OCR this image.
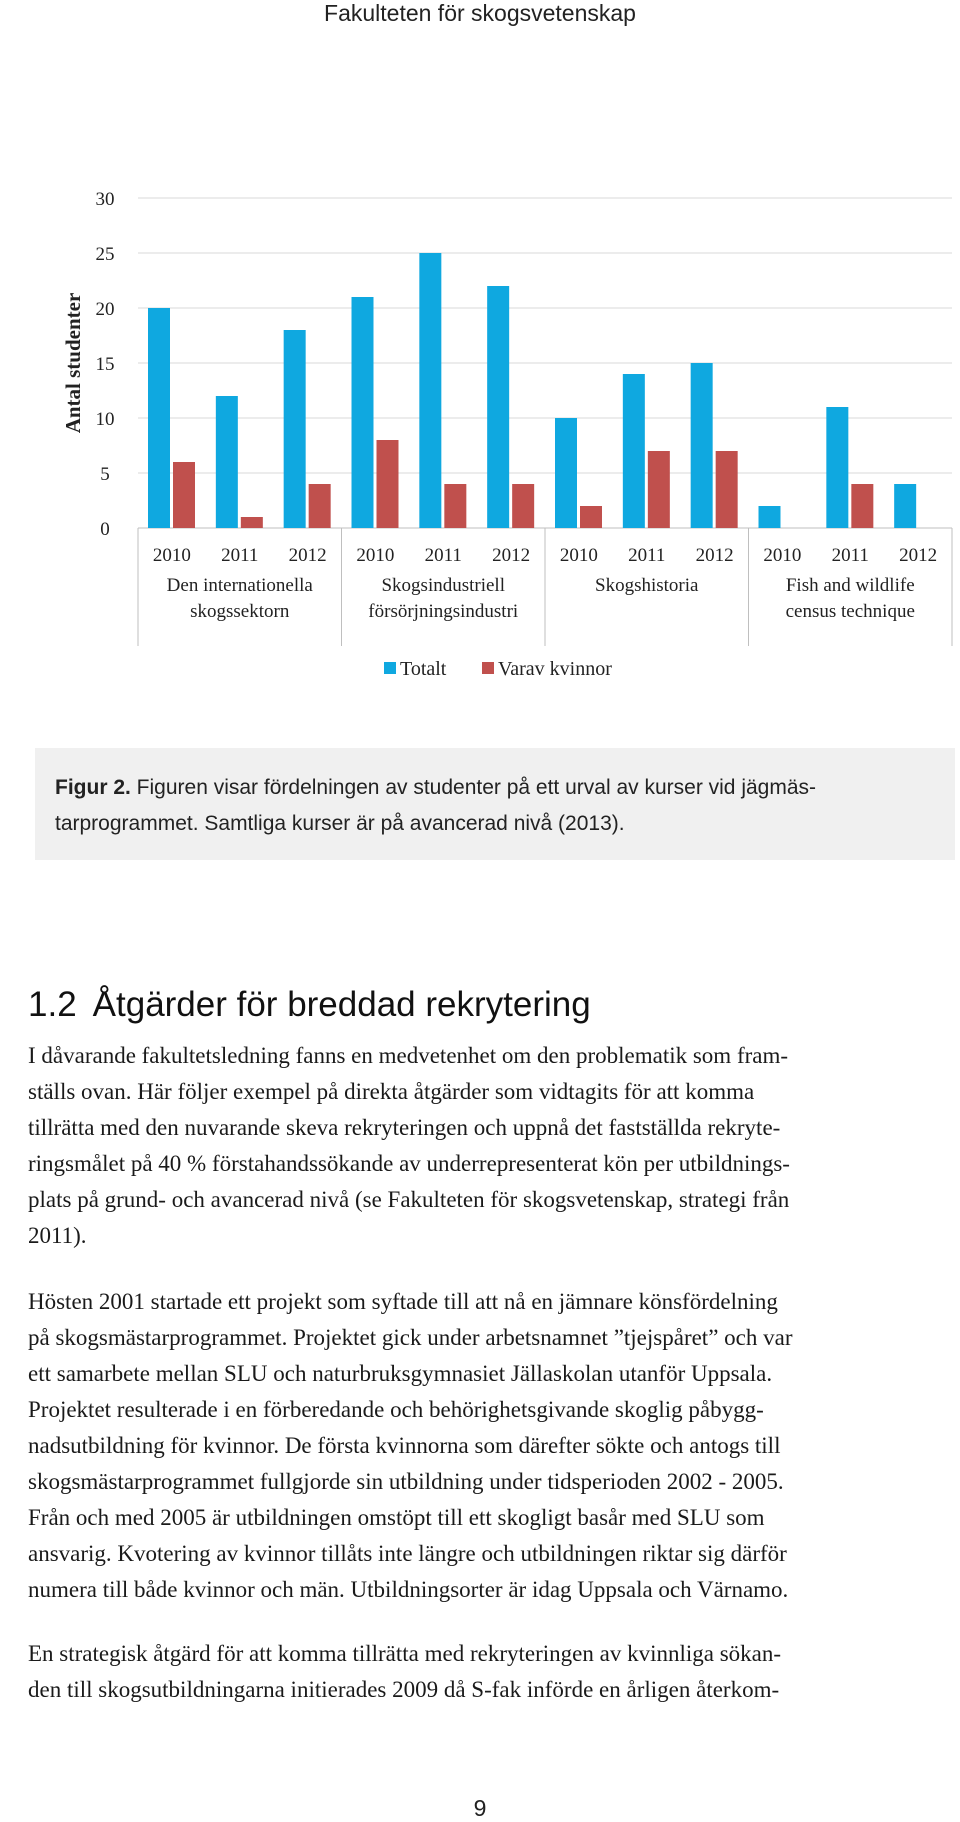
Fakulteten för skogsvetenskap
0
5
10
15
20
25
30
Antal studenter
2010 2011 2012 2010 2011 2012 2010 2011 2012 2010 2011 2012
Den internationella
skogssektorn
Skogsindustriell
försörjningsindustri
Skogshistoria	Fish and wildlife
census technique
Totalt	Varav kvinnor
Figur 2. Figuren visar fördelningen av studenter på ett urval av kurser vid jägmäs-
tarprogrammet. Samtliga kurser är på avancerad nivå (2013).
1.2 Åtgärder för breddad rekrytering
I dåvarande fakultetsledning fanns en medvetenhet om den problematik som fram-
ställs ovan. Här följer exempel på direkta åtgärder som vidtagits för att komma
tillrätta med den nuvarande skeva rekryteringen och uppnå det fastställda rekryte-
ringsmålet på 40 % förstahandssökande av underrepresenterat kön per utbildnings-
plats på grund- och avancerad nivå (se Fakulteten för skogsvetenskap, strategi från
2011).
Hösten 2001 startade ett projekt som syftade till att nå en jämnare könsfördelning
på skogsmästarprogrammet. Projektet gick under arbetsnamnet ”tjejspåret” och var
ett samarbete mellan SLU och naturbruksgymnasiet Jällaskolan utanför Uppsala.
Projektet resulterade i en förberedande och behörighetsgivande skoglig påbygg-
nadsutbildning för kvinnor. De första kvinnorna som därefter sökte och antogs till
skogsmästarprogrammet fullgjorde sin utbildning under tidsperioden 2002 - 2005.
Från och med 2005 är utbildningen omstöpt till ett skogligt basår med SLU som
ansvarig. Kvotering av kvinnor tillåts inte längre och utbildningen riktar sig därför
numera till både kvinnor och män. Utbildningsorter är idag Uppsala och Värnamo.
En strategisk åtgärd för att komma tillrätta med rekryteringen av kvinnliga sökan-
den till skogsutbildningarna initierades 2009 då S-fak införde en årligen återkom-
9
